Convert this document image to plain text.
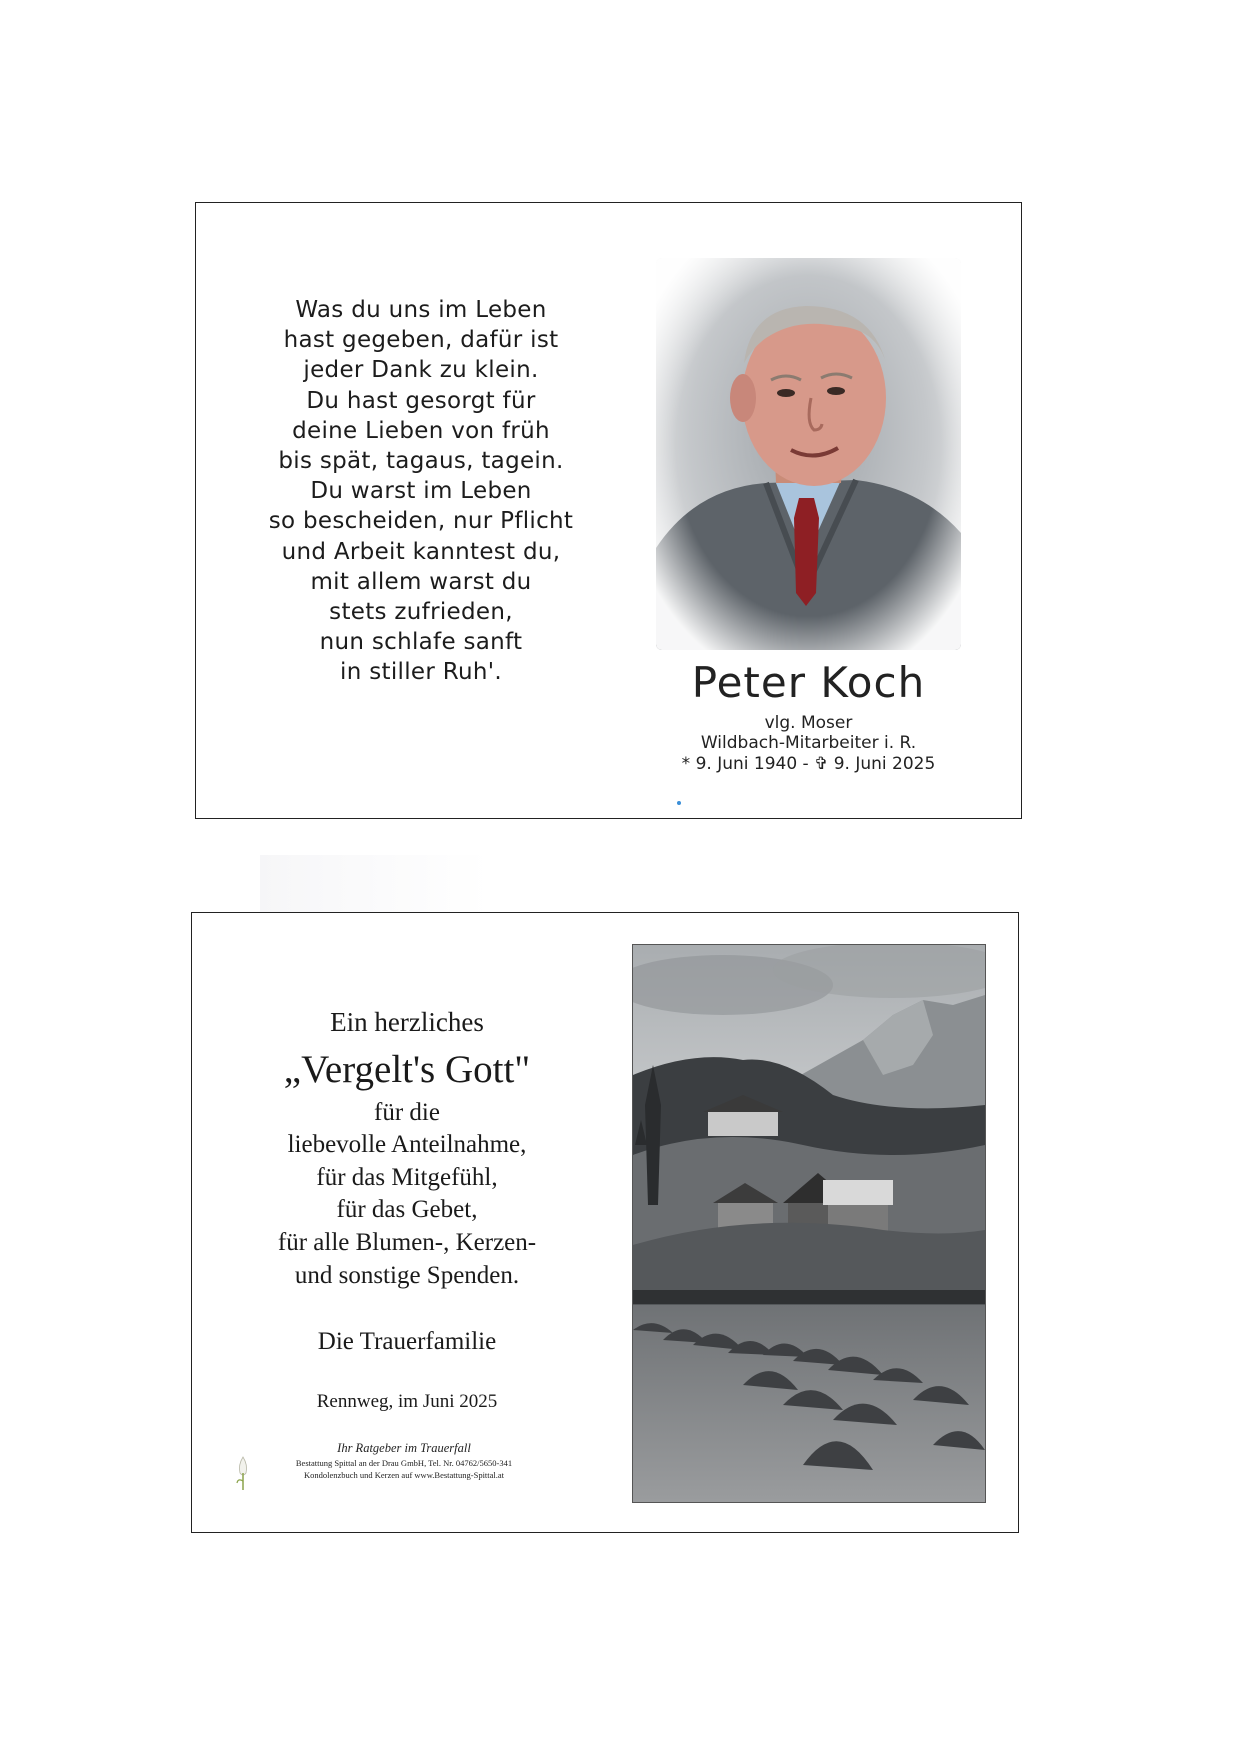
Was du uns im Leben
hast gegeben, dafür ist
jeder Dank zu klein.
Du hast gesorgt für
deine Lieben von früh
bis spät, tagaus, tagein.
Du warst im Leben
so bescheiden, nur Pflicht
und Arbeit kanntest du,
mit allem warst du
stets zufrieden,
nun schlafe sanft
in stiller Ruh'.	Peter Koch
vlg. Moser
Wildbach-Mitarbeiter i. R.
* 9. Juni 1940 - ✞ 9. Juni 2025
Ein herzliches
„Vergelt's Gott"
für die
liebevolle Anteilnahme,
für das Mitgefühl,
für das Gebet,
für alle Blumen-, Kerzen-
und sonstige Spenden.
Die Trauerfamilie
Rennweg, im Juni 2025
Ihr Ratgeber im Trauerfall
Bestattung Spittal an der Drau GmbH, Tel. Nr. 04762/5650-341
Kondolenzbuch und Kerzen auf www.Bestattung-Spittal.at
